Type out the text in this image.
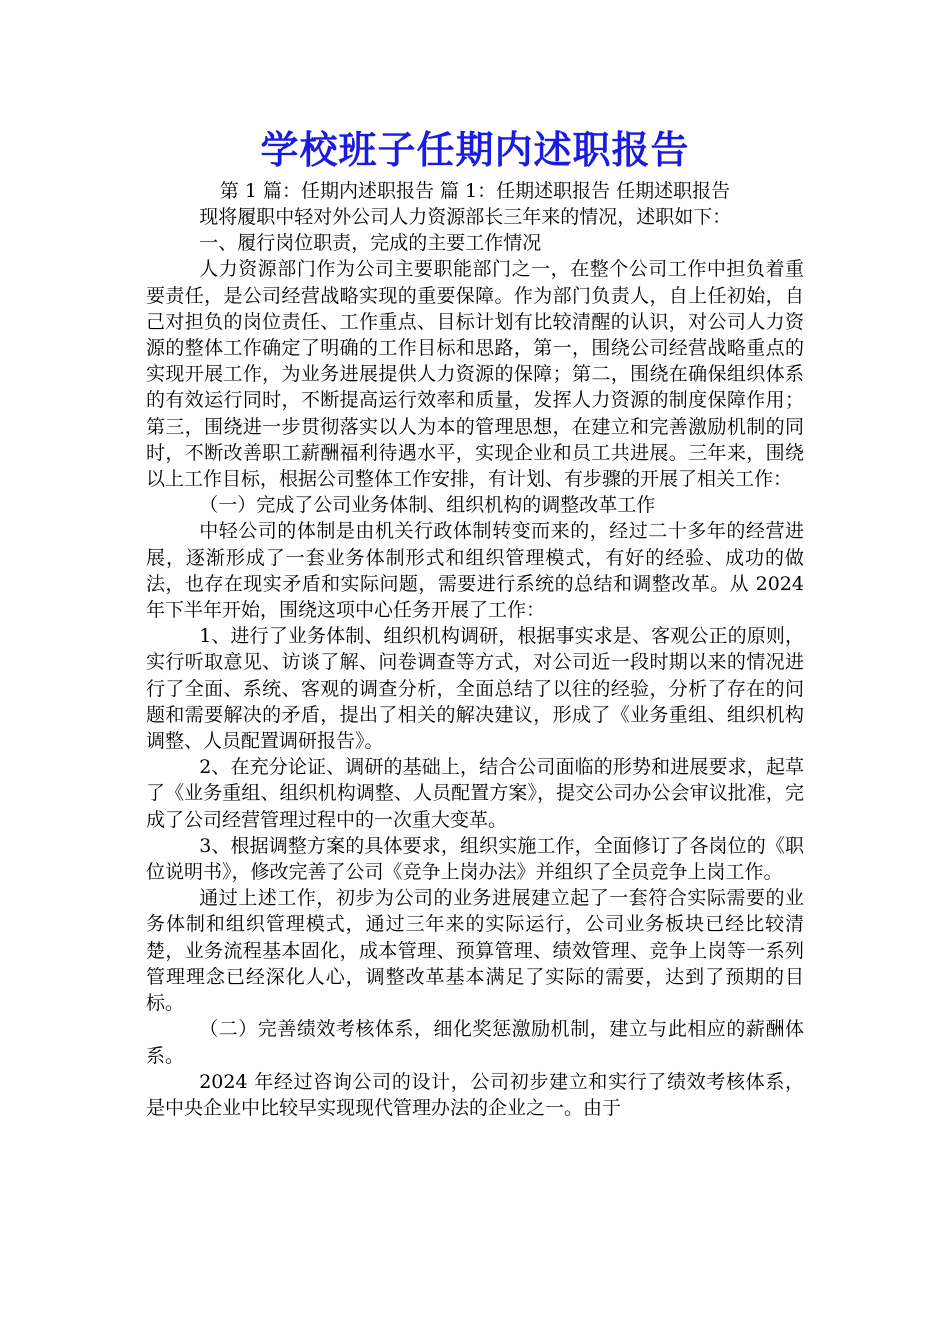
学校班子任期内述职报告
第 1 篇：任期内述职报告 篇 1：任期述职报告 任期述职报告

现将履职中轻对外公司人力资源部长三年来的情况，述职如下：

一、履行岗位职责，完成的主要工作情况

人力资源部门作为公司主要职能部门之一，在整个公司工作中担负着重要责任，是公司经营战略实现的重要保障。作为部门负责人，自上任初始，自己对担负的岗位责任、工作重点、目标计划有比较清醒的认识，对公司人力资源的整体工作确定了明确的工作目标和思路，第一，围绕公司经营战略重点的实现开展工作，为业务进展提供人力资源的保障；第二，围绕在确保组织体系的有效运行同时，不断提高运行效率和质量，发挥人力资源的制度保障作用；第三，围绕进一步贯彻落实以人为本的管理思想，在建立和完善激励机制的同时，不断改善职工薪酬福利待遇水平，实现企业和员工共进展。三年来，围绕以上工作目标，根据公司整体工作安排，有计划、有步骤的开展了相关工作：

（一）完成了公司业务体制、组织机构的调整改革工作

中轻公司的体制是由机关行政体制转变而来的，经过二十多年的经营进展，逐渐形成了一套业务体制形式和组织管理模式，有好的经验、成功的做法，也存在现实矛盾和实际问题，需要进行系统的总结和调整改革。从 2024 年下半年开始，围绕这项中心任务开展了工作：

1、进行了业务体制、组织机构调研，根据事实求是、客观公正的原则，实行听取意见、访谈了解、问卷调查等方式，对公司近一段时期以来的情况进行了全面、系统、客观的调查分析，全面总结了以往的经验，分析了存在的问题和需要解决的矛盾，提出了相关的解决建议，形成了《业务重组、组织机构调整、人员配置调研报告》。

2、在充分论证、调研的基础上，结合公司面临的形势和进展要求，起草了《业务重组、组织机构调整、人员配置方案》，提交公司办公会审议批准，完成了公司经营管理过程中的一次重大变革。

3、根据调整方案的具体要求，组织实施工作，全面修订了各岗位的《职位说明书》，修改完善了公司《竞争上岗办法》并组织了全员竞争上岗工作。

通过上述工作，初步为公司的业务进展建立起了一套符合实际需要的业务体制和组织管理模式，通过三年来的实际运行，公司业务板块已经比较清楚，业务流程基本固化，成本管理、预算管理、绩效管理、竞争上岗等一系列管理理念已经深化人心，调整改革基本满足了实际的需要，达到了预期的目标。

（二）完善绩效考核体系，细化奖惩激励机制，建立与此相应的薪酬体系。

2024 年经过咨询公司的设计，公司初步建立和实行了绩效考核体系，是中央企业中比较早实现现代管理办法的企业之一。由于
